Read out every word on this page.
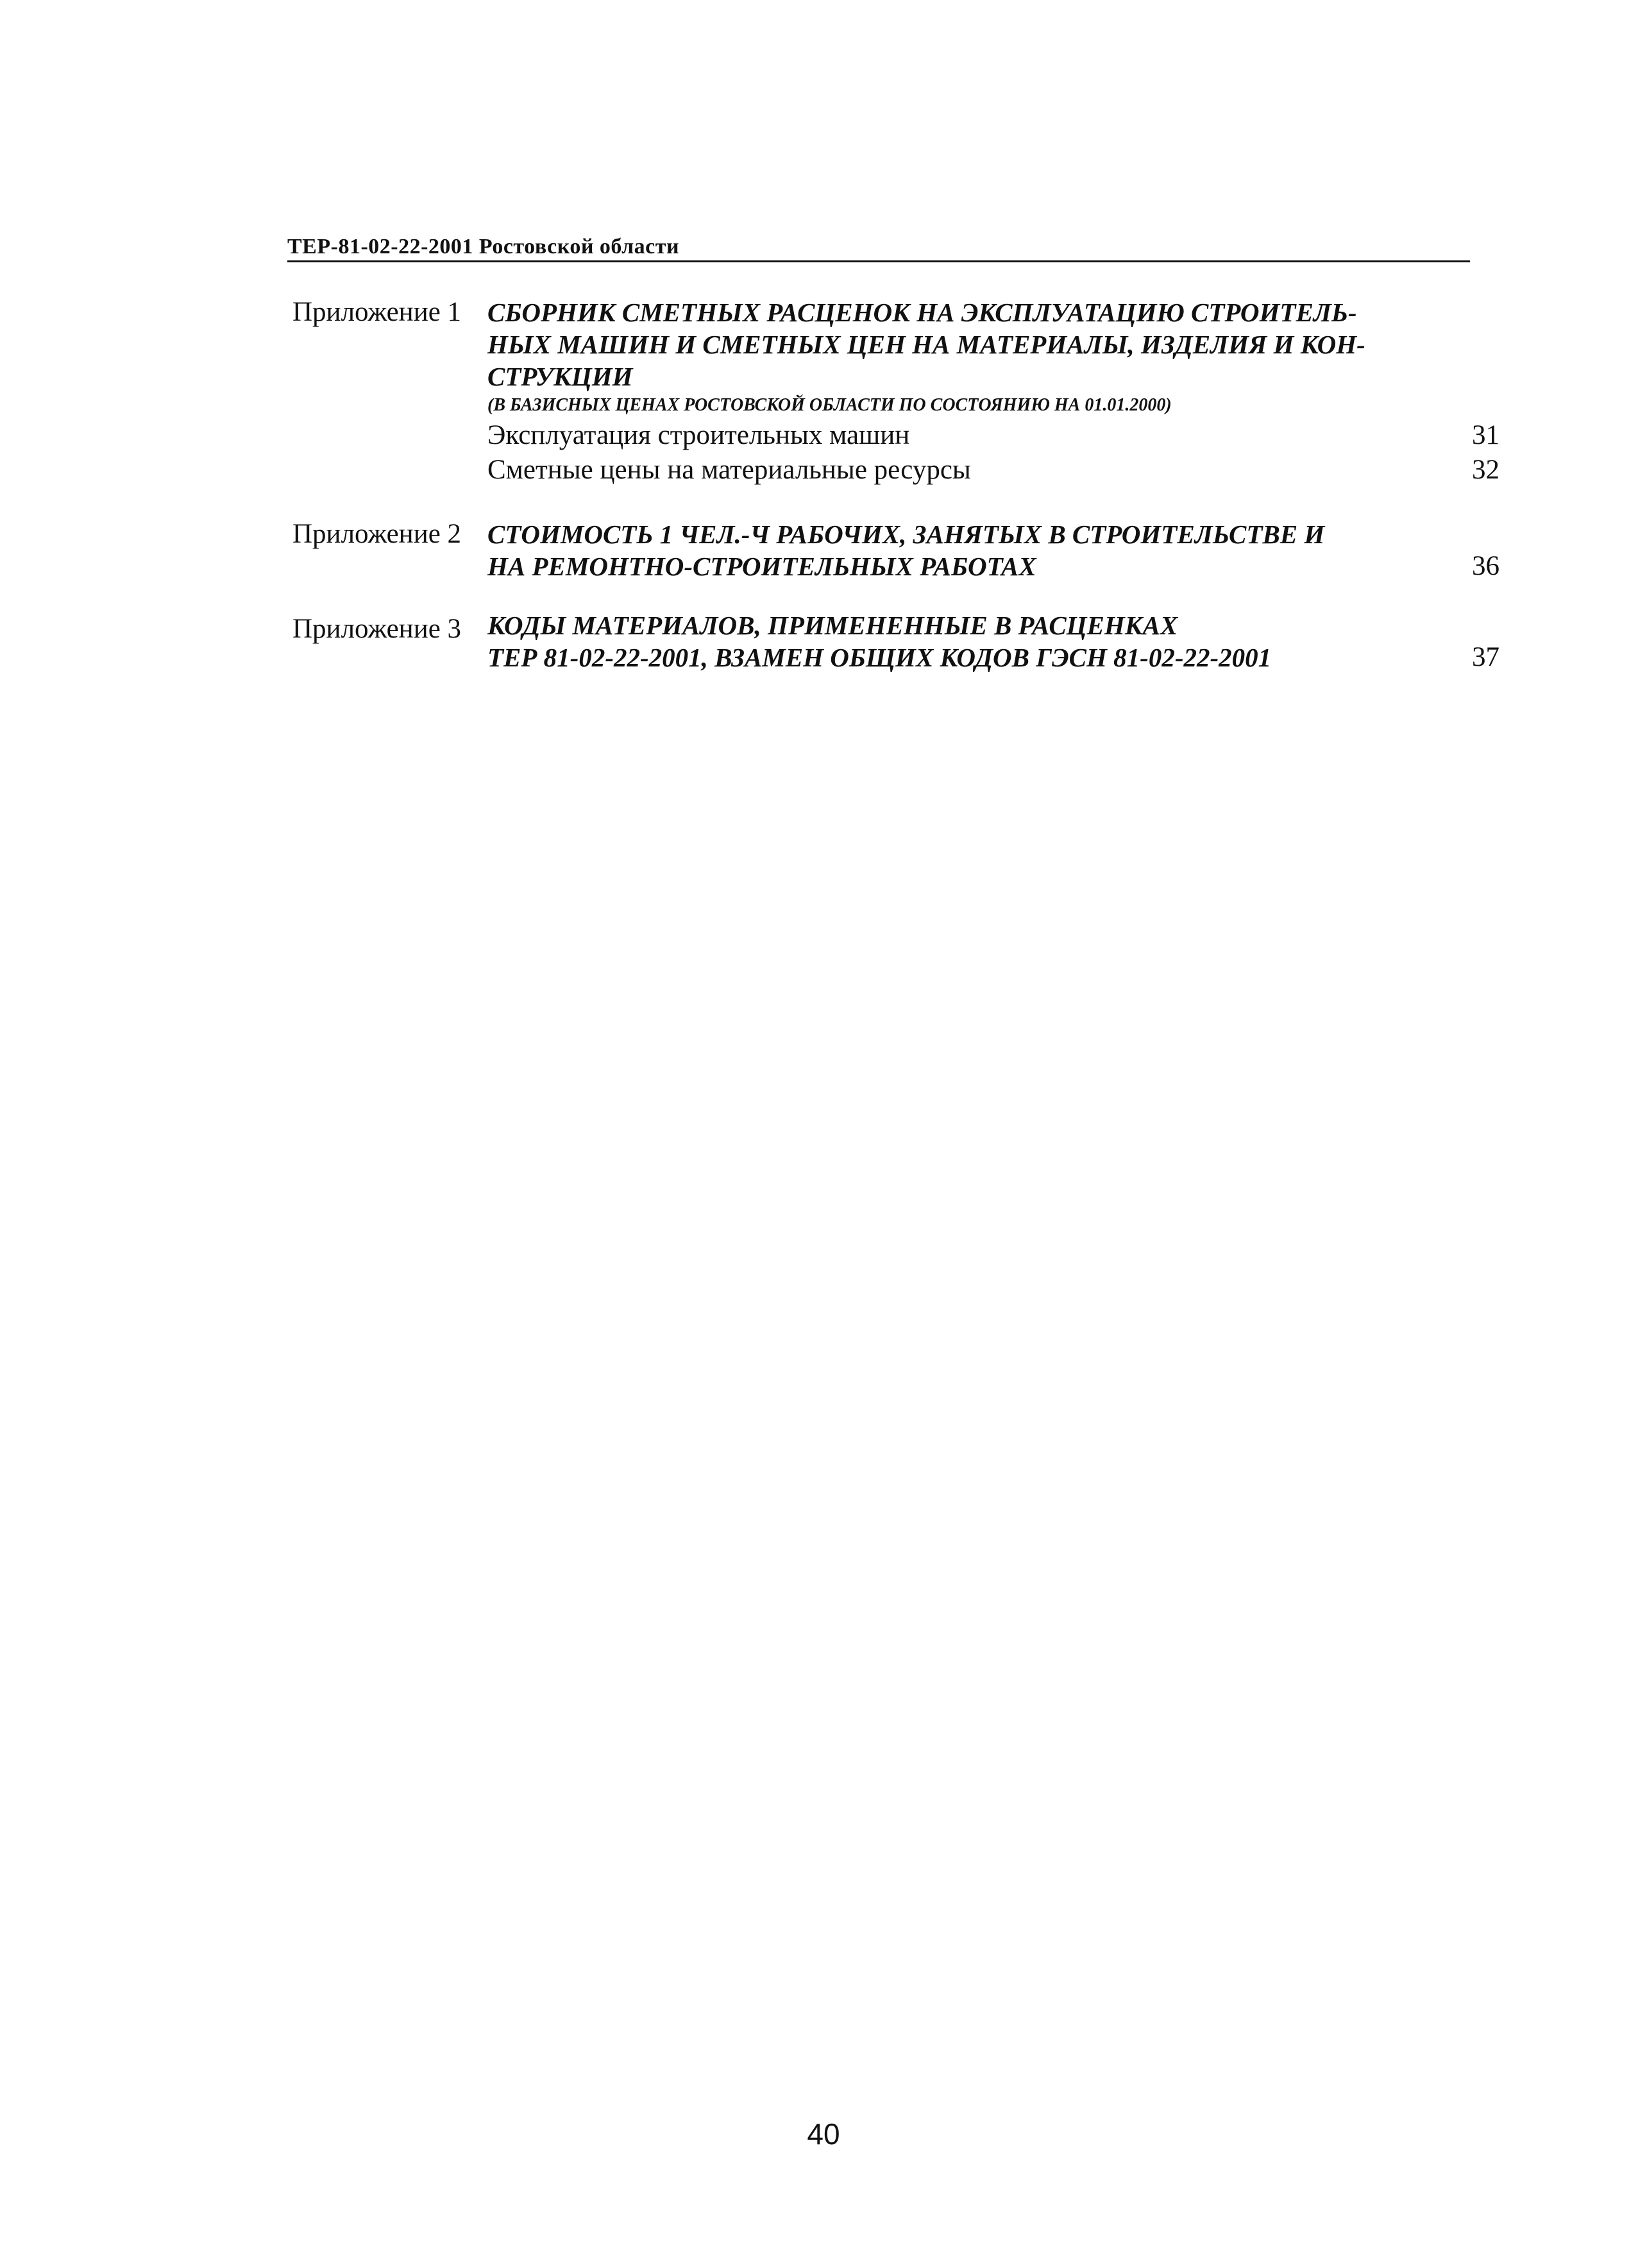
ТЕР-81-02-22-2001 Ростовской области
Приложение 1 СБОРНИК СМЕТНЫХ РАСЦЕНОК НА ЭКСПЛУАТАЦИЮ СТРОИТЕЛЬ-
НЫХ МАШИН И СМЕТНЫХ ЦЕН НА МАТЕРИАЛЫ, ИЗДЕЛИЯ И КОН-
СТРУКЦИИ
(В БАЗИСНЫХ ЦЕНАХ РОСТОВСКОЙ ОБЛАСТИ ПО СОСТОЯНИЮ НА 01.01.2000)
Эксплуатация строительных машин
Сметные цены на материальные ресурсы
31
32
Приложение 2 СТОИМОСТЬ 1 ЧЕЛ.-Ч РАБОЧИХ, ЗАНЯТЫХ В СТРОИТЕЛЬСТВЕ И
НА РЕМОНТНО-СТРОИТЕЛЬНЫХ РАБОТАХ	36
Приложение 3 КОДЫ МАТЕРИАЛОВ, ПРИМЕНЕННЫЕ В РАСЦЕНКАХ
ТЕР 81-02-22-2001, ВЗАМЕН ОБЩИХ КОДОВ ГЭСН 81-02-22-2001	37
40
